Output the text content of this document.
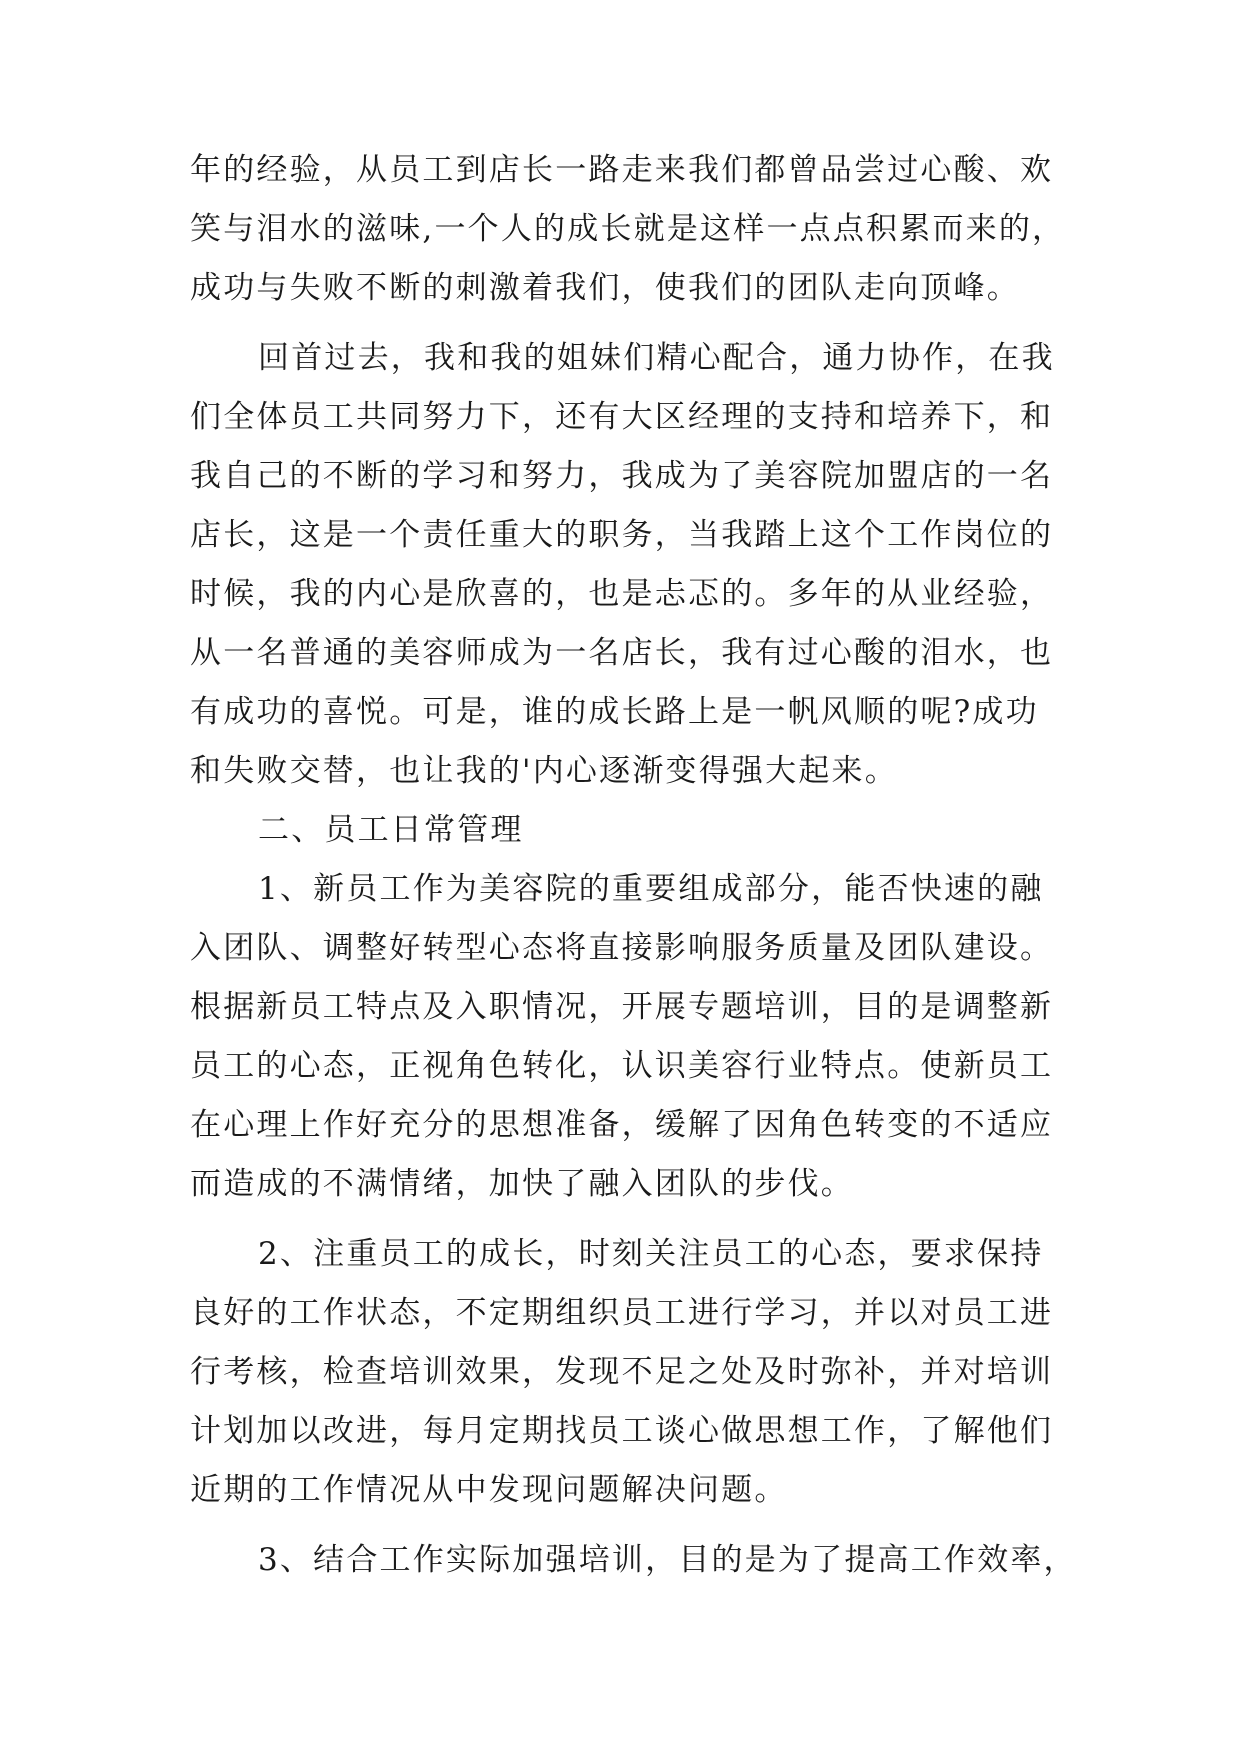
年的经验，从员工到店长一路走来我们都曾品尝过心酸、欢
笑与泪水的滋味,一个人的成长就是这样一点点积累而来的，
成功与失败不断的刺激着我们，使我们的团队走向顶峰。
回首过去，我和我的姐妹们精心配合，通力协作，在我
们全体员工共同努力下，还有大区经理的支持和培养下，和
我自己的不断的学习和努力，我成为了美容院加盟店的一名
店长，这是一个责任重大的职务，当我踏上这个工作岗位的
时候，我的内心是欣喜的，也是忐忑的。多年的从业经验，
从一名普通的美容师成为一名店长，我有过心酸的泪水，也
有成功的喜悦。可是，谁的成长路上是一帆风顺的呢?成功
和失败交替，也让我的'内心逐渐变得强大起来。
二、员工日常管理
1、新员工作为美容院的重要组成部分，能否快速的融
入团队、调整好转型心态将直接影响服务质量及团队建设。
根据新员工特点及入职情况，开展专题培训，目的是调整新
员工的心态，正视角色转化，认识美容行业特点。使新员工
在心理上作好充分的思想准备，缓解了因角色转变的不适应
而造成的不满情绪，加快了融入团队的步伐。
2、注重员工的成长，时刻关注员工的心态，要求保持
良好的工作状态，不定期组织员工进行学习，并以对员工进
行考核，检查培训效果，发现不足之处及时弥补，并对培训
计划加以改进，每月定期找员工谈心做思想工作，了解他们
近期的工作情况从中发现问题解决问题。
3、结合工作实际加强培训，目的是为了提高工作效率，
